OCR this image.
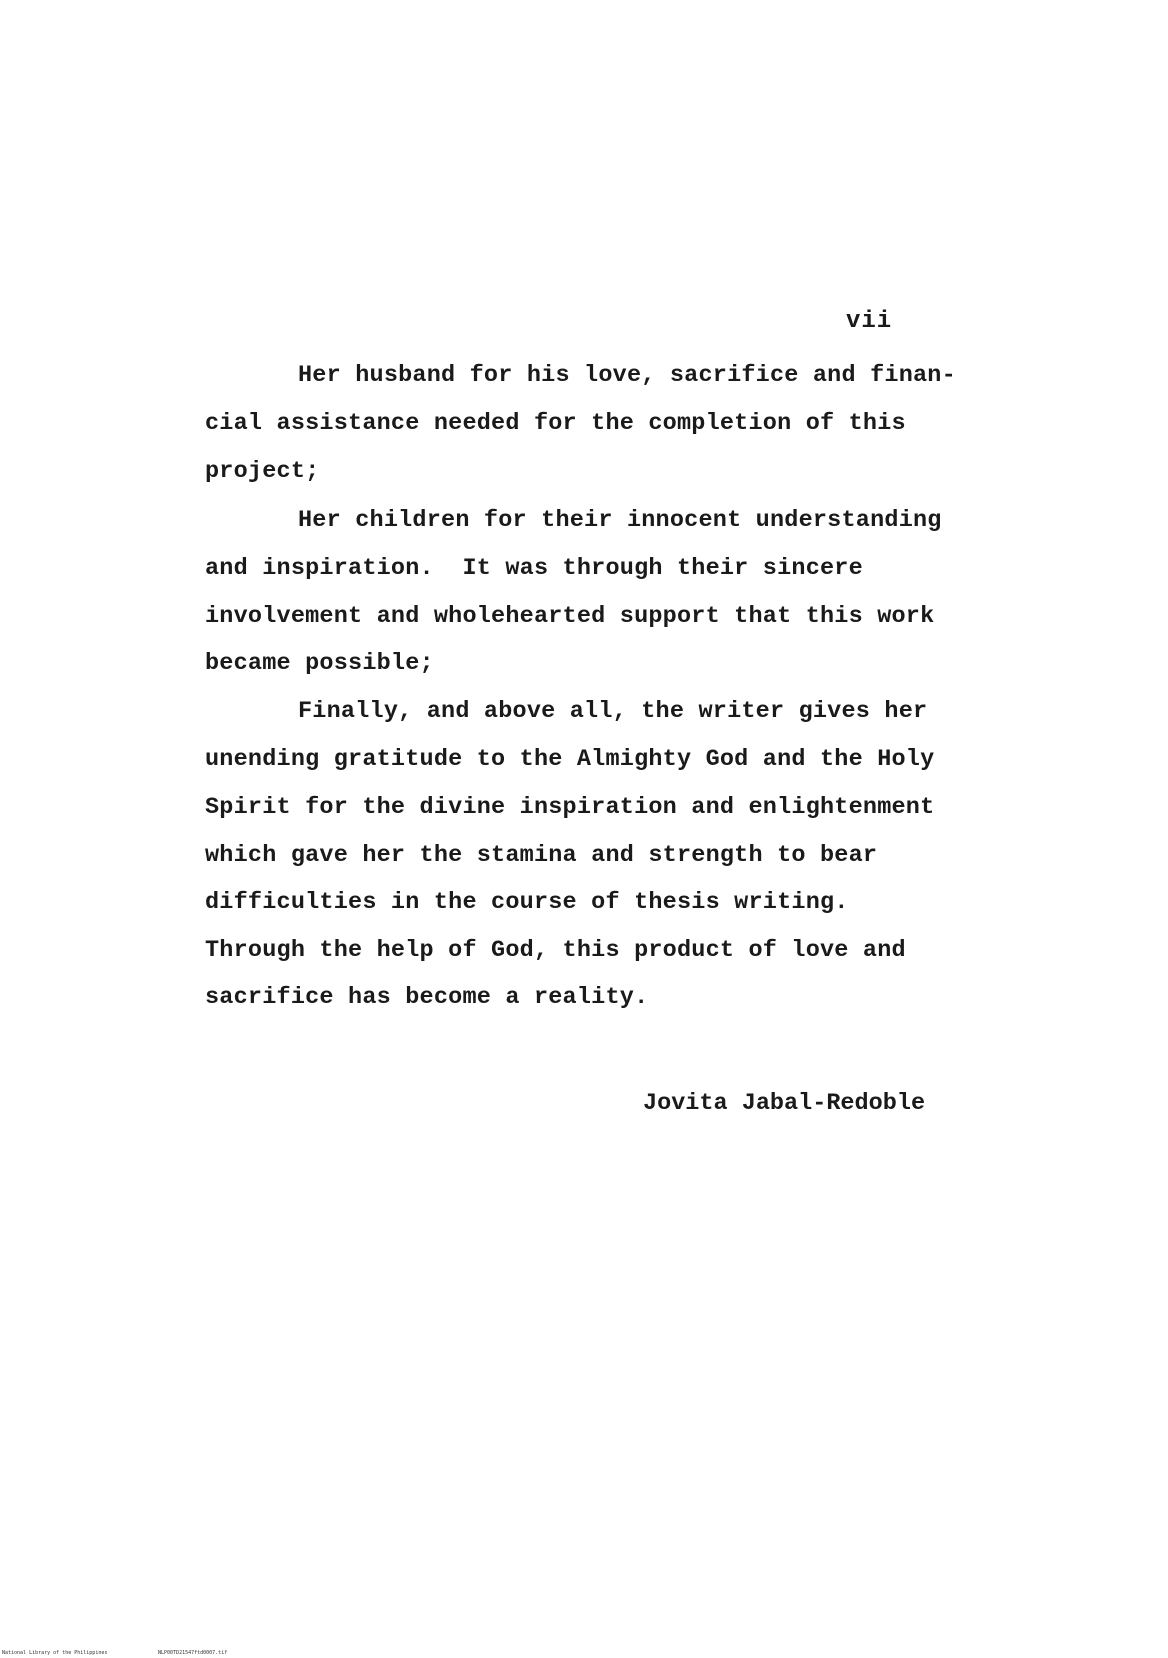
vii
Her husband for his love, sacrifice and finan-
cial assistance needed for the completion of this
project;
Her children for their innocent understanding
and inspiration.  It was through their sincere
involvement and wholehearted support that this work
became possible;
Finally, and above all, the writer gives her
unending gratitude to the Almighty God and the Holy
Spirit for the divine inspiration and enlightenment
which gave her the stamina and strength to bear
difficulties in the course of thesis writing.
Through the help of God, this product of love and
sacrifice has become a reality.
Jovita Jabal-Redoble
National Library of the Philippines	NLP00TD21547ftd0007.tif
